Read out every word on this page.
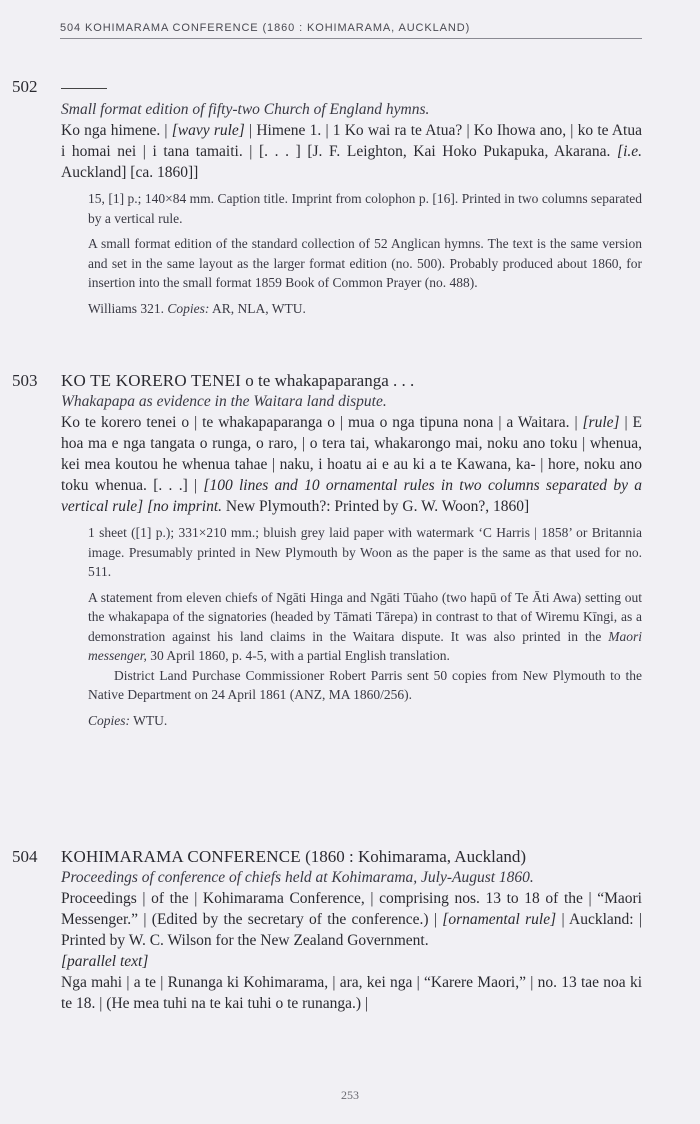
504 KOHIMARAMA CONFERENCE (1860 : KOHIMARAMA, AUCKLAND)
502
Small format edition of fifty-two Church of England hymns.
Ko nga himene. | [wavy rule] | Himene 1. | 1 Ko wai ra te Atua? | Ko Ihowa ano, | ko te Atua i homai nei | i tana tamaiti. | [. . . ] [J. F. Leighton, Kai Hoko Pukapuka, Akarana. [i.e. Auckland] [ca. 1860]]
15, [1] p.; 140×84 mm. Caption title. Imprint from colophon p. [16]. Printed in two columns separated by a vertical rule.
A small format edition of the standard collection of 52 Anglican hymns. The text is the same version and set in the same layout as the larger format edition (no. 500). Probably produced about 1860, for insertion into the small format 1859 Book of Common Prayer (no. 488).
Williams 321. Copies: AR, NLA, WTU.
503 KO TE KORERO TENEI o te whakapaparanga . . .
Whakapapa as evidence in the Waitara land dispute.
Ko te korero tenei o | te whakapaparanga o | mua o nga tipuna nona | a Waitara. | [rule] | E hoa ma e nga tangata o runga, o raro, | o tera tai, whakarongo mai, noku ano toku | whenua, kei mea koutou he whenua tahae | naku, i hoatu ai e au ki a te Kawana, ka- | hore, noku ano toku whenua. [. . .] | [100 lines and 10 ornamental rules in two columns separated by a vertical rule] [no imprint. New Plymouth?: Printed by G. W. Woon?, 1860]
1 sheet ([1] p.); 331×210 mm.; bluish grey laid paper with watermark ‘C Harris | 1858’ or Britannia image. Presumably printed in New Plymouth by Woon as the paper is the same as that used for no. 511.
A statement from eleven chiefs of Ngāti Hinga and Ngāti Tūaho (two hapū of Te Āti Awa) setting out the whakapapa of the signatories (headed by Tāmati Tārepa) in contrast to that of Wiremu Kīngi, as a demonstration against his land claims in the Waitara dispute. It was also printed in the Maori messenger, 30 April 1860, p. 4-5, with a partial English translation.
District Land Purchase Commissioner Robert Parris sent 50 copies from New Plymouth to the Native Department on 24 April 1861 (ANZ, MA 1860/256).
Copies: WTU.
504 KOHIMARAMA CONFERENCE (1860 : Kohimarama, Auckland)
Proceedings of conference of chiefs held at Kohimarama, July-August 1860.
Proceedings | of the | Kohimarama Conference, | comprising nos. 13 to 18 of the | “Maori Messenger.” | (Edited by the secretary of the conference.) | [ornamental rule] | Auckland: | Printed by W. C. Wilson for the New Zealand Government.
[parallel text]
Nga mahi | a te | Runanga ki Kohimarama, | ara, kei nga | “Karere Maori,” | no. 13 tae noa ki te 18. | (He mea tuhi na te kai tuhi o te runanga.) |
253
